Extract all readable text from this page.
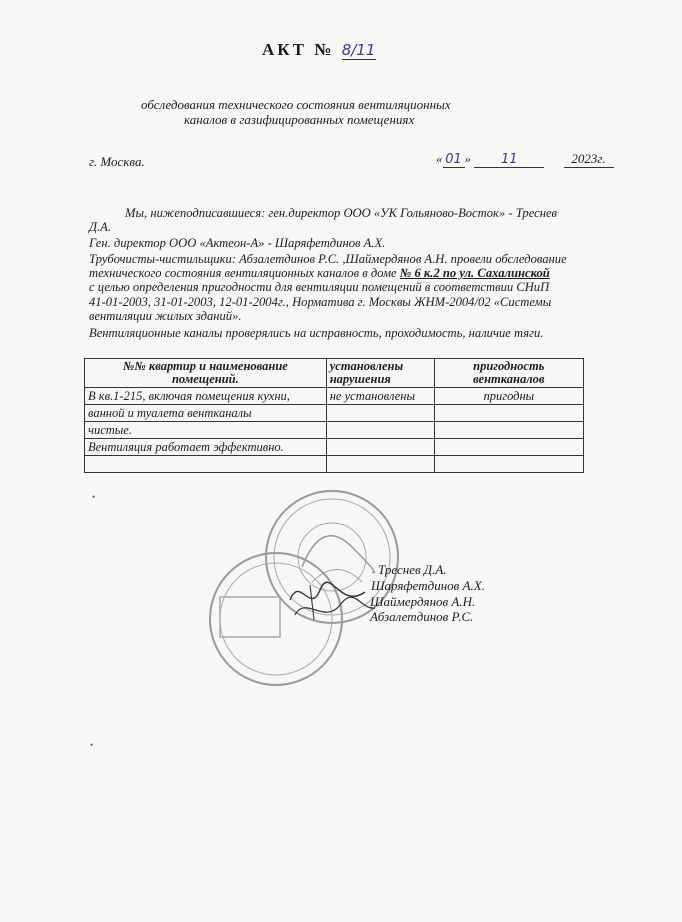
АКТ № 8/11
обследования технического состояния вентиляционных
каналов в газифицированных помещениях
г. Москва.	« 01 » 11	2023г.
Мы, нижеподписавшиеся: ген.директор ООО «УК Гольяново-Восток» - Треснев
Д.А.
Ген. директор ООО «Актеон-А» - Шаряфетдинов А.Х.
Трубочисты-чистильщики: Абзалетдинов Р.С. ,Шаймердянов А.Н. провели обследование
технического состояния вентиляционных каналов в доме № 6 к.2 по ул. Сахалинской
с целью определения пригодности для вентиляции помещений в соответствии СНиП
41-01-2003, 31-01-2003, 12-01-2004г., Норматива г. Москвы ЖНМ-2004/02 «Системы
вентиляции жилых зданий».
Вентиляционные каналы проверялись на исправность, проходимость, наличие тяги.
№№ квартир и наименование помещений.	установлены нарушения	пригодность вентканалов
В кв.1-215, включая помещения кухни,	не установлены	пригодны
ванной и туалета вентканалы		
чистые.		
Вентиляция работает эффективно.		

Треснев Д.А.
Шаряфетдинов А.Х.
Шаймердянов А.Н.
Абзалетдинов Р.С.
•
•
